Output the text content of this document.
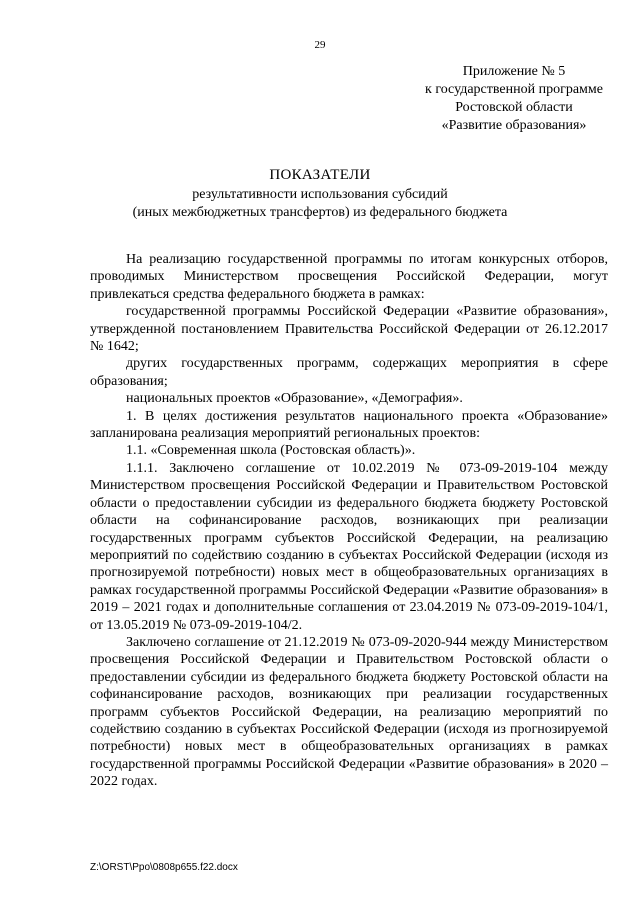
29
Приложение № 5
к государственной программе
Ростовской области
«Развитие образования»
ПОКАЗАТЕЛИ
результативности использования субсидий
(иных межбюджетных трансфертов) из федерального бюджета

На реализацию государственной программы по итогам конкурсных отборов, проводимых Министерством просвещения Российской Федерации, могут привлекаться средства федерального бюджета в рамках:

государственной программы Российской Федерации «Развитие образования», утвержденной постановлением Правительства Российской Федерации от 26.12.2017 № 1642;

других государственных программ, содержащих мероприятия в сфере образования;

национальных проектов «Образование», «Демография».

1. В целях достижения результатов национального проекта «Образование» запланирована реализация мероприятий региональных проектов:

1.1. «Современная школа (Ростовская область)».

1.1.1. Заключено соглашение от 10.02.2019 № 073-09-2019-104 между Министерством просвещения Российской Федерации и Правительством Ростовской области о предоставлении субсидии из федерального бюджета бюджету Ростовской области на софинансирование расходов, возникающих при реализации государственных программ субъектов Российской Федерации, на реализацию мероприятий по содействию созданию в субъектах Российской Федерации (исходя из прогнозируемой потребности) новых мест в общеобразовательных организациях в рамках государственной программы Российской Федерации «Развитие образования» в 2019 – 2021 годах и дополнительные соглашения от 23.04.2019 № 073-09-2019-104/1, от 13.05.2019 № 073-09-2019-104/2.

Заключено соглашение от 21.12.2019 № 073-09-2020-944 между Министерством просвещения Российской Федерации и Правительством Ростовской области о предоставлении субсидии из федерального бюджета бюджету Ростовской области на софинансирование расходов, возникающих при реализации государственных программ субъектов Российской Федерации, на реализацию мероприятий по содействию созданию в субъектах Российской Федерации (исходя из прогнозируемой потребности) новых мест в общеобразовательных организациях в рамках государственной программы Российской Федерации «Развитие образования» в 2020 – 2022 годах.

Z:\ORST\Ppo\0808p655.f22.docx
